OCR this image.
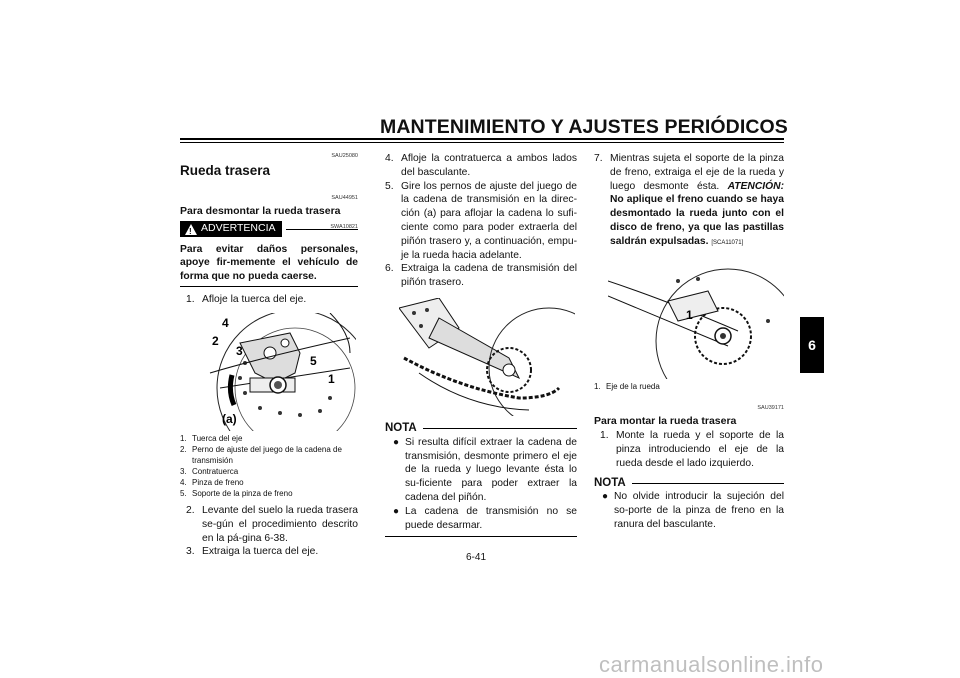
MANTENIMIENTO Y AJUSTES PERIÓDICOS
6
SAU25080
Rueda trasera
SAU44951
Para desmontar la rueda trasera
! ADVERTENCIA	SWA10821
Para evitar daños personales, apoye fir-memente el vehículo de forma que no pueda caerse.
1. Afloje la tuerca del eje.
4
2
3
5
1
(a)
1. Tuerca del eje
2. Perno de ajuste del juego de la cadena de transmisión
3. Contratuerca
4. Pinza de freno
5. Soporte de la pinza de freno
2. Levante del suelo la rueda trasera se-gún el procedimiento descrito en la pá-gina 6-38.
3. Extraiga la tuerca del eje.
4. Afloje la contratuerca a ambos lados del basculante.
5. Gire los pernos de ajuste del juego de la cadena de transmisión en la direc-ción (a) para aflojar la cadena lo sufi-ciente como para poder extraerla del piñón trasero y, a continuación, empu-je la rueda hacia adelante.
6. Extraiga la cadena de transmisión del piñón trasero.
NOTA
● Si resulta difícil extraer la cadena de transmisión, desmonte primero el eje de la rueda y luego levante ésta lo su-ficiente para poder extraer la cadena del piñón.
● La cadena de transmisión no se puede desarmar.
7. Mientras sujeta el soporte de la pinza de freno, extraiga el eje de la rueda y luego desmonte ésta. ATENCIÓN: No aplique el freno cuando se haya desmontado la rueda junto con el disco de freno, ya que las pastillas saldrán expulsadas. [SCA11071]
1
1. Eje de la rueda
SAU39171
Para montar la rueda trasera
1. Monte la rueda y el soporte de la pinza introduciendo el eje de la rueda desde el lado izquierdo.
NOTA
● No olvide introducir la sujeción del so-porte de la pinza de freno en la ranura del basculante.
6-41
carmanualsonline.info
